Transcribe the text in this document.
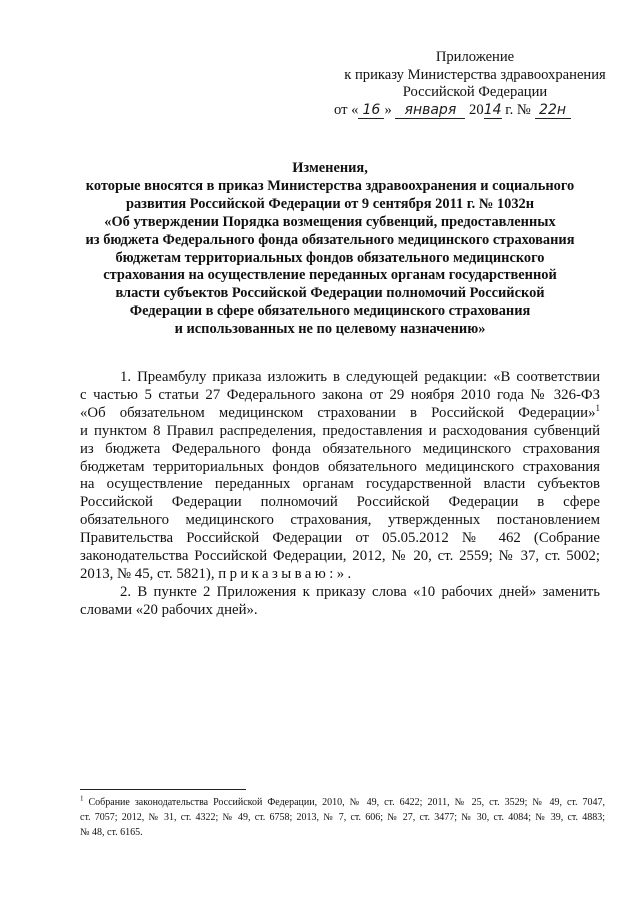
Приложение
к приказу Министерства здравоохранения
Российской Федерации
от « 16 » января 2014 г. № 22н
Изменения,
которые вносятся в приказ Министерства здравоохранения и социального
развития Российской Федерации от 9 сентября 2011 г. № 1032н
«Об утверждении Порядка возмещения субвенций, предоставленных
из бюджета Федерального фонда обязательного медицинского страхования
бюджетам территориальных фондов обязательного медицинского
страхования на осуществление переданных органам государственной
власти субъектов Российской Федерации полномочий Российской
Федерации в сфере обязательного медицинского страхования
и использованных не по целевому назначению»
1. Преамбулу приказа изложить в следующей редакции: «В соответствии
с частью 5 статьи 27 Федерального закона от 29 ноября 2010 года № 326-ФЗ
«Об обязательном медицинском страховании в Российской Федерации»$^1$
и пунктом 8 Правил распределения, предоставления и расходования субвенций
из бюджета Федерального фонда обязательного медицинского страхования
бюджетам территориальных фондов обязательного медицинского страхования
на осуществление переданных органам государственной власти субъектов
Российской Федерации полномочий Российской Федерации в сфере
обязательного медицинского страхования, утвержденных постановлением
Правительства Российской Федерации от 05.05.2012 № 462 (Собрание
законодательства Российской Федерации, 2012, № 20, ст. 2559; № 37, ст. 5002;
2013, № 45, ст. 5821), приказываю:».
2. В пункте 2 Приложения к приказу слова «10 рабочих дней» заменить
словами «20 рабочих дней».
$^1$ Собрание законодательства Российской Федерации, 2010, № 49, ст. 6422; 2011, № 25, ст. 3529; № 49, ст. 7047,
ст. 7057; 2012, № 31, ст. 4322; № 49, ст. 6758; 2013, № 7, ст. 606; № 27, ст. 3477; № 30, ст. 4084; № 39, ст. 4883;
№ 48, ст. 6165.
